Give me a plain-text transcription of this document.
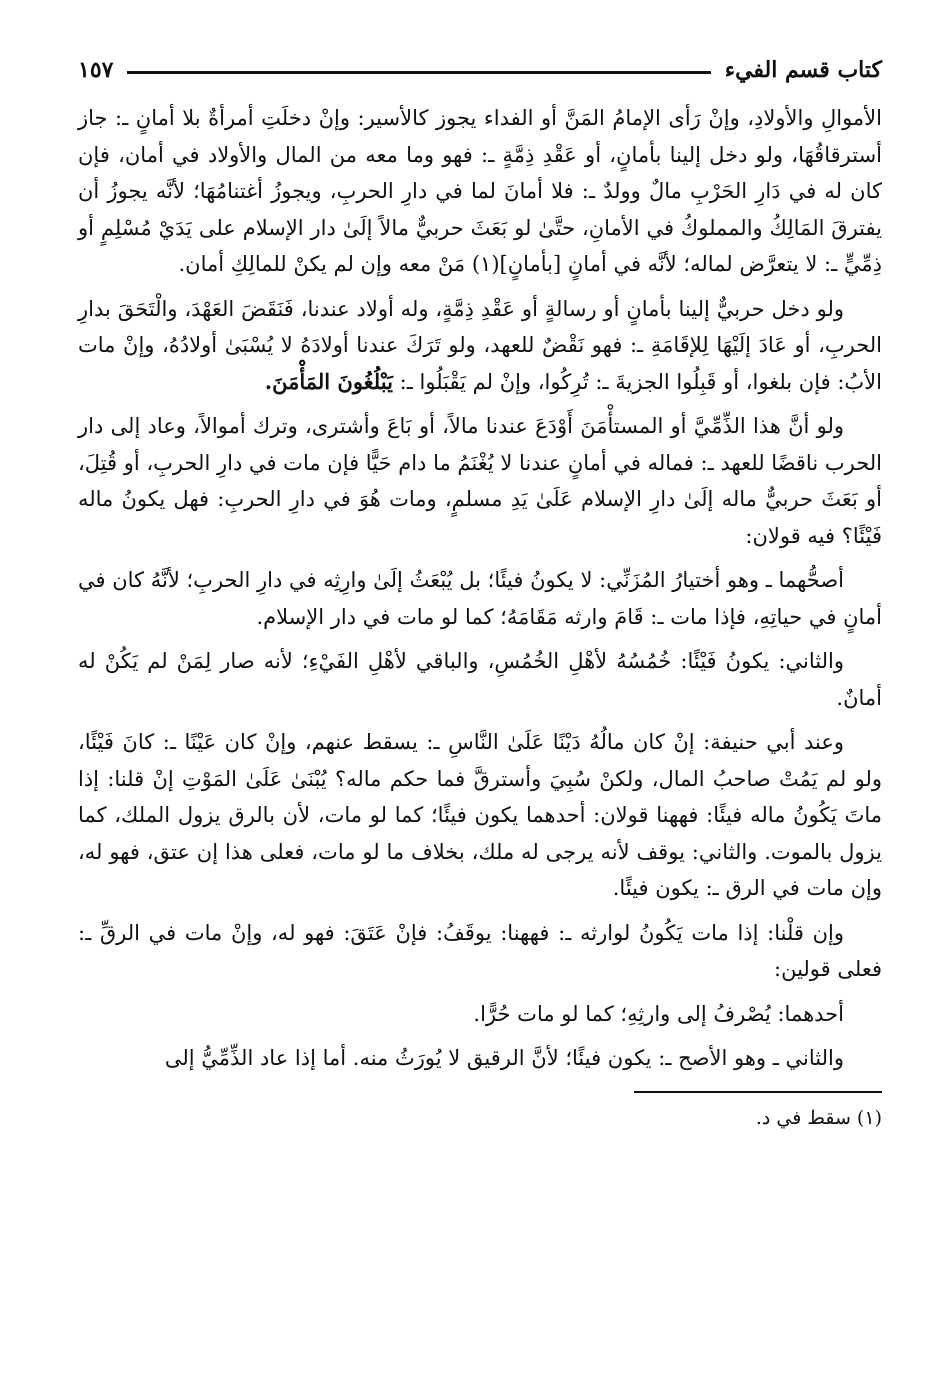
كتاب قسم الفيء
١٥٧

الأموالِ والأولادِ، وإنْ رَأى الإمامُ المَنَّ أو الفداء يجوز كالأسير: وإنْ دخلَتِ أمرأةٌ بلا أمانٍ ـ: جاز أسترقاقُهَا، ولو دخل إلينا بأمانٍ، أو عَقْدِ ذِمَّةٍ ـ: فهو وما معه من المال والأولاد في أمان، فإن كان له في دَارِ الحَرْبِ مالٌ وولدٌ ـ: فلا أمانَ لما في دارِ الحربِ، ويجوزُ أغتنامُهَا؛ لأنَّه يجوزُ أن يفترقَ المَالِكُ والمملوكُ في الأمانِ، حتَّىٰ لو بَعَثَ حربيٌّ مالاً إلَىٰ دار الإسلام على يَدَيْ مُسْلِمٍ أو ذِمِّيٍّ ـ: لا يتعرَّض لماله؛ لأنَّه في أمانٍ [بأمانٍ](١) مَنْ معه وإن لم يكنْ للمالِكِ أمان.

ولو دخل حربيٌّ إلينا بأمانٍ أو رسالةٍ أو عَقْدِ ذِمَّةٍ، وله أولاد عندنا، فَنَقَضَ العَهْدَ، والْتَحَقَ بدارِ الحربِ، أو عَادَ إلَيْهَا لِلإقَامَةِ ـ: فهو نَقْضٌ للعهد، ولو تَرَكَ عندنا أولادَهُ لا يُسْبَىٰ أولادُهُ، وإنْ مات الأبُ: فإن بلغوا، أو قَبِلُوا الجزيةَ ـ: تُرِكُوا، وإنْ لم يَقْبَلُوا ـ: يَبْلُغُونَ المَأْمَنَ.

ولو أنَّ هذا الذِّمِّيَّ أو المستأْمَنَ أَوْدَعَ عندنا مالاً، أو بَاعَ وأشترى، وترك أموالاً، وعاد إلى دار الحرب ناقضًا للعهد ـ: فماله في أمانٍ عندنا لا يُغْنَمُ ما دام حَيًّا فإن مات في دارِ الحربِ، أو قُتِلَ، أو بَعَثَ حربيٌّ ماله إلَىٰ دارِ الإسلام عَلَىٰ يَدِ مسلمٍ، ومات هُوَ في دارِ الحربِ: فهل يكونُ ماله فَيْئًا؟ فيه قولان:

أصحُّهما ـ وهو أختيارُ المُزَنِّي: لا يكونُ فيئًا؛ بل يُبْعَثُ إلَىٰ وارِثِه في دارِ الحربِ؛ لأنَّهُ كان في أمانٍ في حياتِهِ، فإذا مات ـ: قَامَ وارثه مَقَامَهُ؛ كما لو مات في دار الإسلام.

والثاني: يكونُ فَيْئًا: خُمُسُهُ لأهْلِ الخُمُسِ، والباقي لأهْلِ الفَيْءِ؛ لأنه صار لِمَنْ لم يَكُنْ له أمانٌ.

وعند أبي حنيفة: إنْ كان مالُهُ دَيْنًا عَلَىٰ النَّاسِ ـ: يسقط عنهم، وإنْ كان عَيْنًا ـ: كانَ فَيْئًا، ولو لم يَمُتْ صاحبُ المال، ولكنْ سُبِيَ وأسترقَّ فما حكم ماله؟ يُبْنَىٰ عَلَىٰ المَوْتِ إنْ قلنا: إذا ماتَ يَكُونُ ماله فيئًا: فههنا قولان: أحدهما يكون فيئًا؛ كما لو مات، لأن بالرق يزول الملك، كما يزول بالموت. والثاني: يوقف لأنه يرجى له ملك، بخلاف ما لو مات، فعلى هذا إن عتق، فهو له، وإن مات في الرق ـ: يكون فيئًا.

وإن قلْنا: إذا مات يَكُونُ لوارثه ـ: فههنا: يوقَفُ: فإنْ عَتَقَ: فهو له، وإنْ مات في الرقِّ ـ: فعلى قولين:

أحدهما: يُصْرفُ إلى وارثِهِ؛ كما لو مات حُرًّا.

والثاني ـ وهو الأصح ـ: يكون فيئًا؛ لأنَّ الرقيق لا يُورَثُ منه. أما إذا عاد الذِّمِّيُّ إلى

(١) سقط في د.
